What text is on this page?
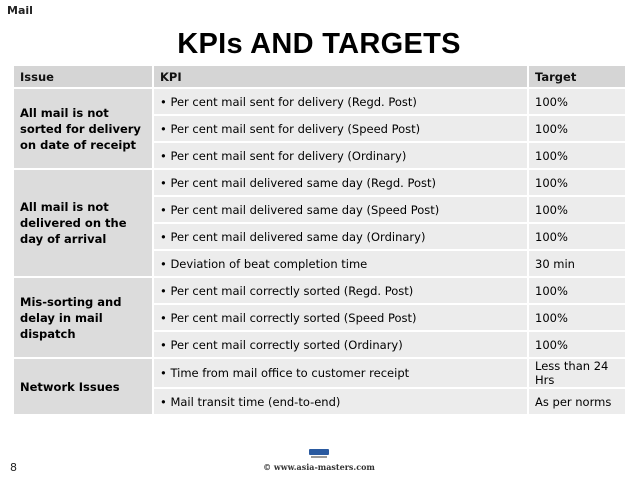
Mail
KPIs AND TARGETS
Issue	KPI	Target
All mail is not sorted for delivery on date of receipt	• Per cent mail sent for delivery (Regd. Post)	100%
	• Per cent mail sent for delivery (Speed Post)	100%
	• Per cent mail sent for delivery (Ordinary)	100%
All mail is not delivered on the day of arrival	• Per cent mail delivered same day (Regd. Post)	100%
	• Per cent mail delivered same day (Speed Post)	100%
	• Per cent mail delivered same day (Ordinary)	100%
	• Deviation of beat completion time	30 min
Mis-sorting and delay in mail dispatch	• Per cent mail correctly sorted (Regd. Post)	100%
	• Per cent mail correctly sorted (Speed Post)	100%
	• Per cent mail correctly sorted (Ordinary)	100%
Network Issues	• Time from mail office to customer receipt	Less than 24 Hrs
	• Mail transit time (end-to-end)	As per norms
8	© www.asia-masters.com
